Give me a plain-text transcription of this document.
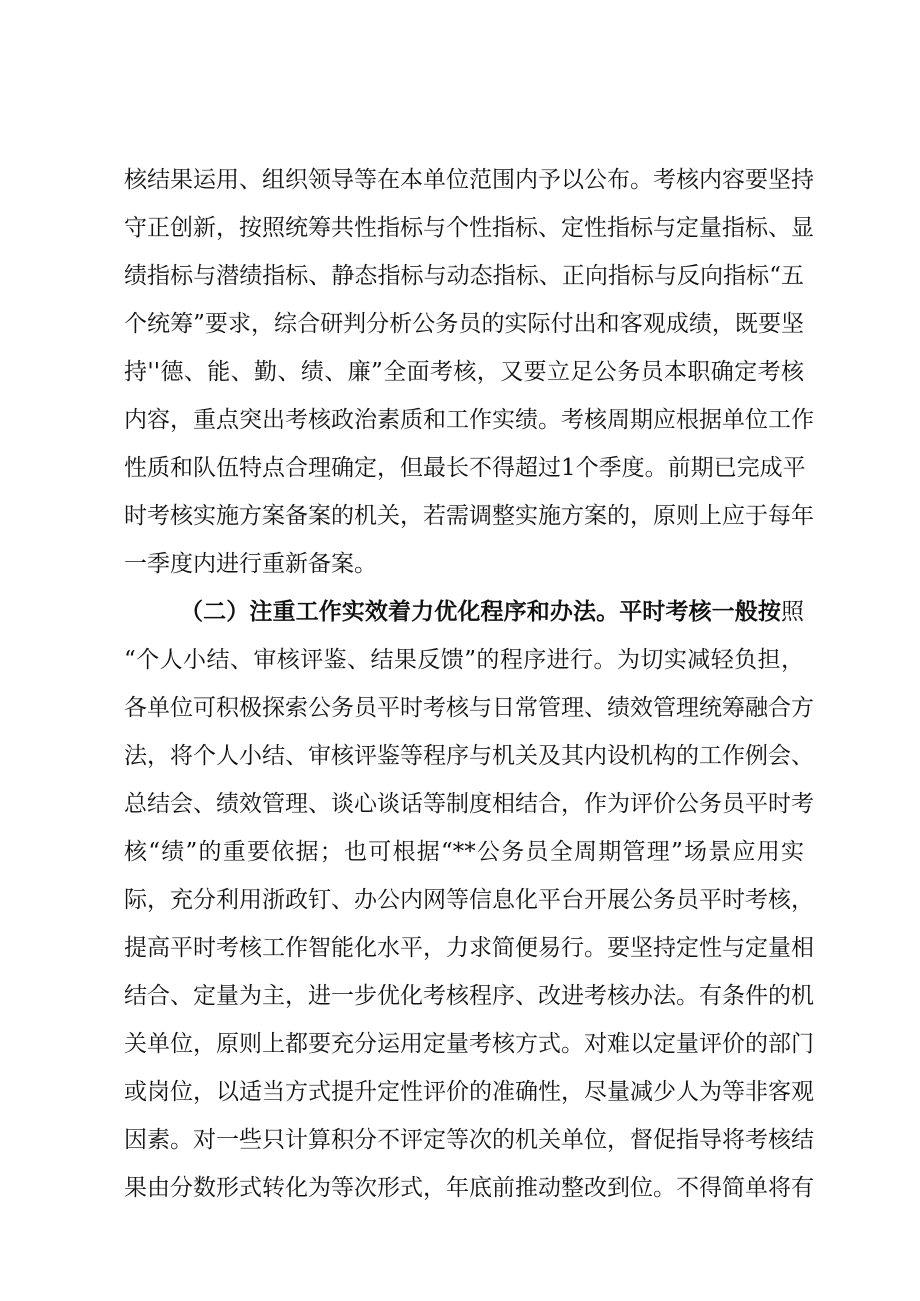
核结果运用、组织领导等在本单位范围内予以公布。考核内容要坚持
守正创新，按照统筹共性指标与个性指标、定性指标与定量指标、显
绩指标与潜绩指标、静态指标与动态指标、正向指标与反向指标“五
个统筹”要求，综合研判分析公务员的实际付出和客观成绩，既要坚
持''德、能、勤、绩、廉”全面考核，又要立足公务员本职确定考核
内容，重点突出考核政治素质和工作实绩。考核周期应根据单位工作
性质和队伍特点合理确定，但最长不得超过1个季度。前期已完成平
时考核实施方案备案的机关，若需调整实施方案的，原则上应于每年
一季度内进行重新备案。
（二）注重工作实效着力优化程序和办法。平时考核一般按照
“个人小结、审核评鉴、结果反馈”的程序进行。为切实减轻负担，
各单位可积极探索公务员平时考核与日常管理、绩效管理统筹融合方
法，将个人小结、审核评鉴等程序与机关及其内设机构的工作例会、
总结会、绩效管理、谈心谈话等制度相结合，作为评价公务员平时考
核“绩”的重要依据；也可根据“**公务员全周期管理”场景应用实
际，充分利用浙政钉、办公内网等信息化平台开展公务员平时考核，
提高平时考核工作智能化水平，力求简便易行。要坚持定性与定量相
结合、定量为主，进一步优化考核程序、改进考核办法。有条件的机
关单位，原则上都要充分运用定量考核方式。对难以定量评价的部门
或岗位，以适当方式提升定性评价的准确性，尽量减少人为等非客观
因素。对一些只计算积分不评定等次的机关单位，督促指导将考核结
果由分数形式转化为等次形式，年底前推动整改到位。不得简单将有
